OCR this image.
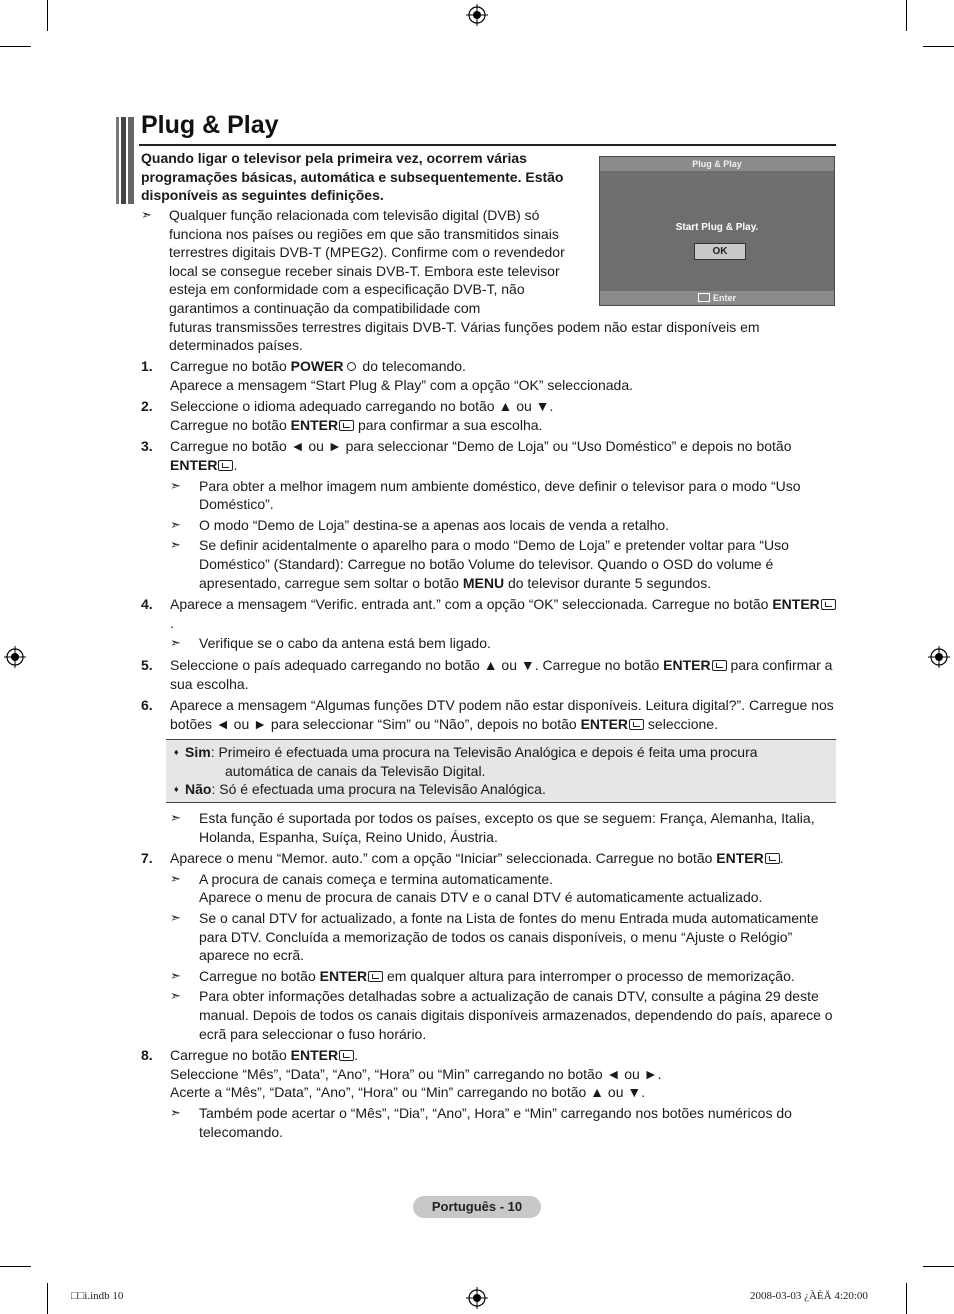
Plug & Play
Quando ligar o televisor pela primeira vez, ocorrem várias programações básicas, automática e subsequentemente. Estão disponíveis as seguintes definições.
➣ Qualquer função relacionada com televisão digital (DVB) só funciona nos países ou regiões em que são transmitidos sinais terrestres digitais DVB-T (MPEG2). Confirme com o revendedor local se consegue receber sinais DVB-T. Embora este televisor esteja em conformidade com a especificação DVB-T, não garantimos a continuação da compatibilidade com
futuras transmissões terrestres digitais DVB-T. Várias funções podem não estar disponíveis em determinados países.
Plug & Play
Start Plug & Play.
OK
Enter
1. Carregue no botão POWER do telecomando.
Aparece a mensagem “Start Plug & Play” com a opção “OK” seleccionada.
2. Seleccione o idioma adequado carregando no botão ▲ ou ▼.
Carregue no botão ENTER para confirmar a sua escolha.
3. Carregue no botão ◄ ou ► para seleccionar “Demo de Loja” ou “Uso Doméstico” e depois no botão ENTER .
➣ Para obter a melhor imagem num ambiente doméstico, deve definir o televisor para o modo “Uso Doméstico”.
➣ O modo “Demo de Loja” destina-se a apenas aos locais de venda a retalho.
➣ Se definir acidentalmente o aparelho para o modo “Demo de Loja” e pretender voltar para “Uso Doméstico” (Standard): Carregue no botão Volume do televisor. Quando o OSD do volume é apresentado, carregue sem soltar o botão MENU do televisor durante 5 segundos.
4. Aparece a mensagem “Verific. entrada ant.” com a opção “OK” seleccionada. Carregue no botão ENTER.
➣ Verifique se o cabo da antena está bem ligado.
5. Seleccione o país adequado carregando no botão ▲ ou ▼. Carregue no botão ENTER para confirmar a sua escolha.
6. Aparece a mensagem “Algumas funções DTV podem não estar disponíveis. Leitura digital?”. Carregue nos botões ◄ ou ► para seleccionar “Sim” ou “Não”, depois no botão ENTER seleccione.
♦ Sim: Primeiro é efectuada uma procura na Televisão Analógica e depois é feita uma procura
automática de canais da Televisão Digital.
♦ Não: Só é efectuada uma procura na Televisão Analógica.
➣ Esta função é suportada por todos os países, excepto os que se seguem: França, Alemanha, Italia, Holanda, Espanha, Suíça, Reino Unido, Áustria.
7. Aparece o menu “Memor. auto.” com a opção “Iniciar” seleccionada. Carregue no botão ENTER .
➣ A procura de canais começa e termina automaticamente.
Aparece o menu de procura de canais DTV e o canal DTV é automaticamente actualizado.
➣ Se o canal DTV for actualizado, a fonte na Lista de fontes do menu Entrada muda automaticamente para DTV. Concluída a memorização de todos os canais disponíveis, o menu “Ajuste o Relógio” aparece no ecrã.
➣ Carregue no botão ENTER em qualquer altura para interromper o processo de memorização.
➣ Para obter informações detalhadas sobre a actualização de canais DTV, consulte a página 29 deste manual. Depois de todos os canais digitais disponíveis armazenados, dependendo do país, aparece o ecrã para seleccionar o fuso horário.
8. Carregue no botão ENTER .
Seleccione “Mês”, “Data”, “Ano”, “Hora” ou “Min” carregando no botão ◄ ou ►.
Acerte a “Mês”, “Data”, “Ano”, “Hora” ou “Min” carregando no botão ▲ ou ▼.
➣ Também pode acertar o “Mês”, “Dia”, “Ano”, Hora” e “Min” carregando nos botões numéricos do telecomando.
Português - 10
□□i.indb 10	2008-03-03 ¿ÀÈÄ 4:20:00
